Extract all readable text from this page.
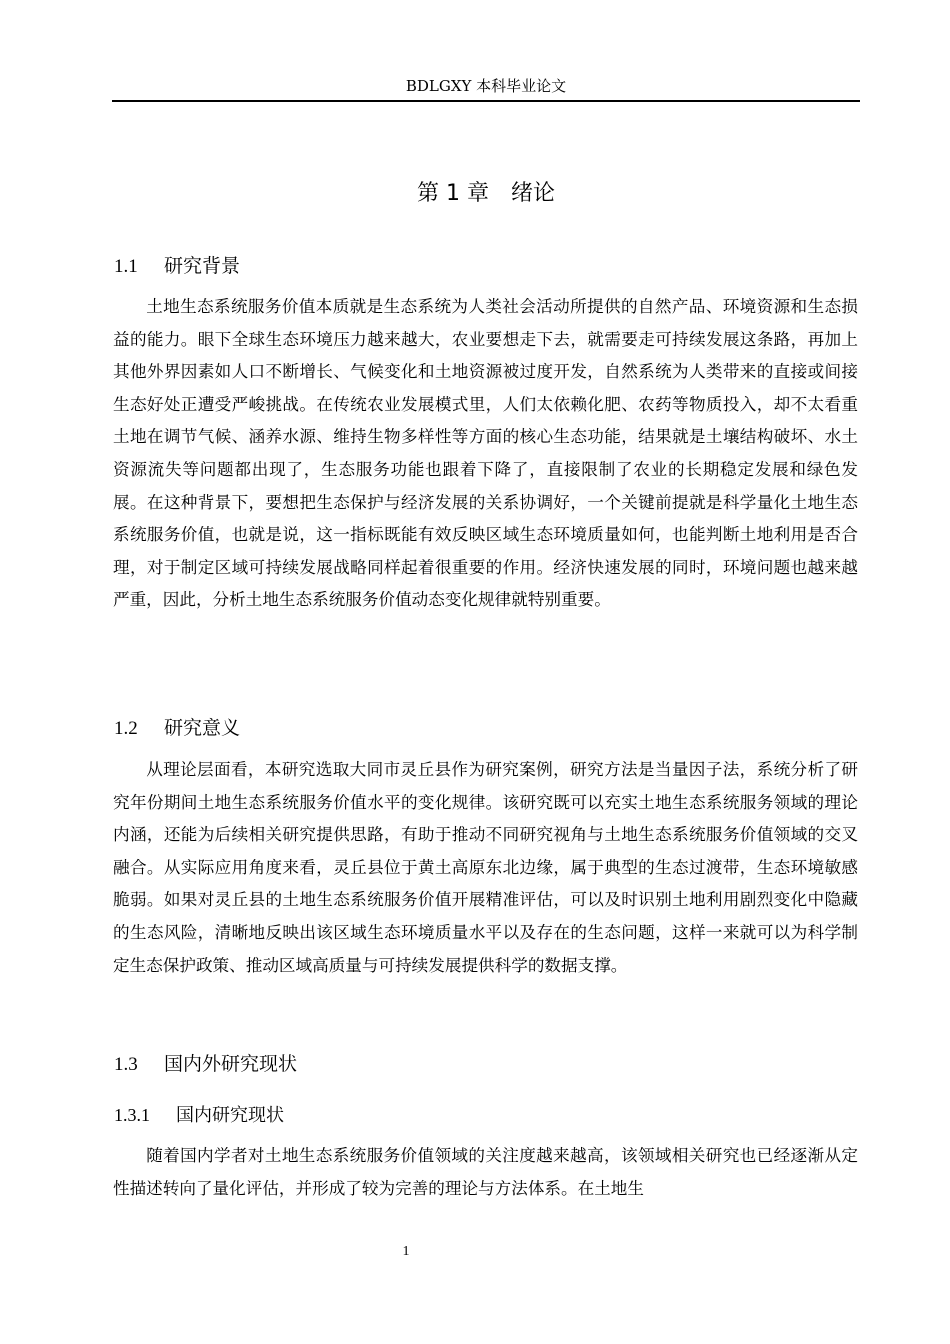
BDLGXY 本科毕业论文
第 1 章 绪论
1.1 研究背景

土地生态系统服务价值本质就是生态系统为人类社会活动所提供的自然产品、环境资源和生态损益的能力。眼下全球生态环境压力越来越大，农业要想走下去，就需要走可持续发展这条路，再加上其他外界因素如人口不断增长、气候变化和土地资源被过度开发，自然系统为人类带来的直接或间接生态好处正遭受严峻挑战。在传统农业发展模式里，人们太依赖化肥、农药等物质投入，却不太看重土地在调节气候、涵养水源、维持生物多样性等方面的核心生态功能，结果就是土壤结构破坏、水土资源流失等问题都出现了，生态服务功能也跟着下降了，直接限制了农业的长期稳定发展和绿色发展。在这种背景下，要想把生态保护与经济发展的关系协调好，一个关键前提就是科学量化土地生态系统服务价值，也就是说，这一指标既能有效反映区域生态环境质量如何，也能判断土地利用是否合理，对于制定区域可持续发展战略同样起着很重要的作用。经济快速发展的同时，环境问题也越来越严重，因此，分析土地生态系统服务价值动态变化规律就特别重要。

1.2 研究意义

从理论层面看，本研究选取大同市灵丘县作为研究案例，研究方法是当量因子法，系统分析了研究年份期间土地生态系统服务价值水平的变化规律。该研究既可以充实土地生态系统服务领域的理论内涵，还能为后续相关研究提供思路，有助于推动不同研究视角与土地生态系统服务价值领域的交叉融合。从实际应用角度来看，灵丘县位于黄土高原东北边缘，属于典型的生态过渡带，生态环境敏感脆弱。如果对灵丘县的土地生态系统服务价值开展精准评估，可以及时识别土地利用剧烈变化中隐藏的生态风险，清晰地反映出该区域生态环境质量水平以及存在的生态问题，这样一来就可以为科学制定生态保护政策、推动区域高质量与可持续发展提供科学的数据支撑。

1.3 国内外研究现状
1.3.1 国内研究现状

随着国内学者对土地生态系统服务价值领域的关注度越来越高，该领域相关研究也已经逐渐从定性描述转向了量化评估，并形成了较为完善的理论与方法体系。在土地生

1
